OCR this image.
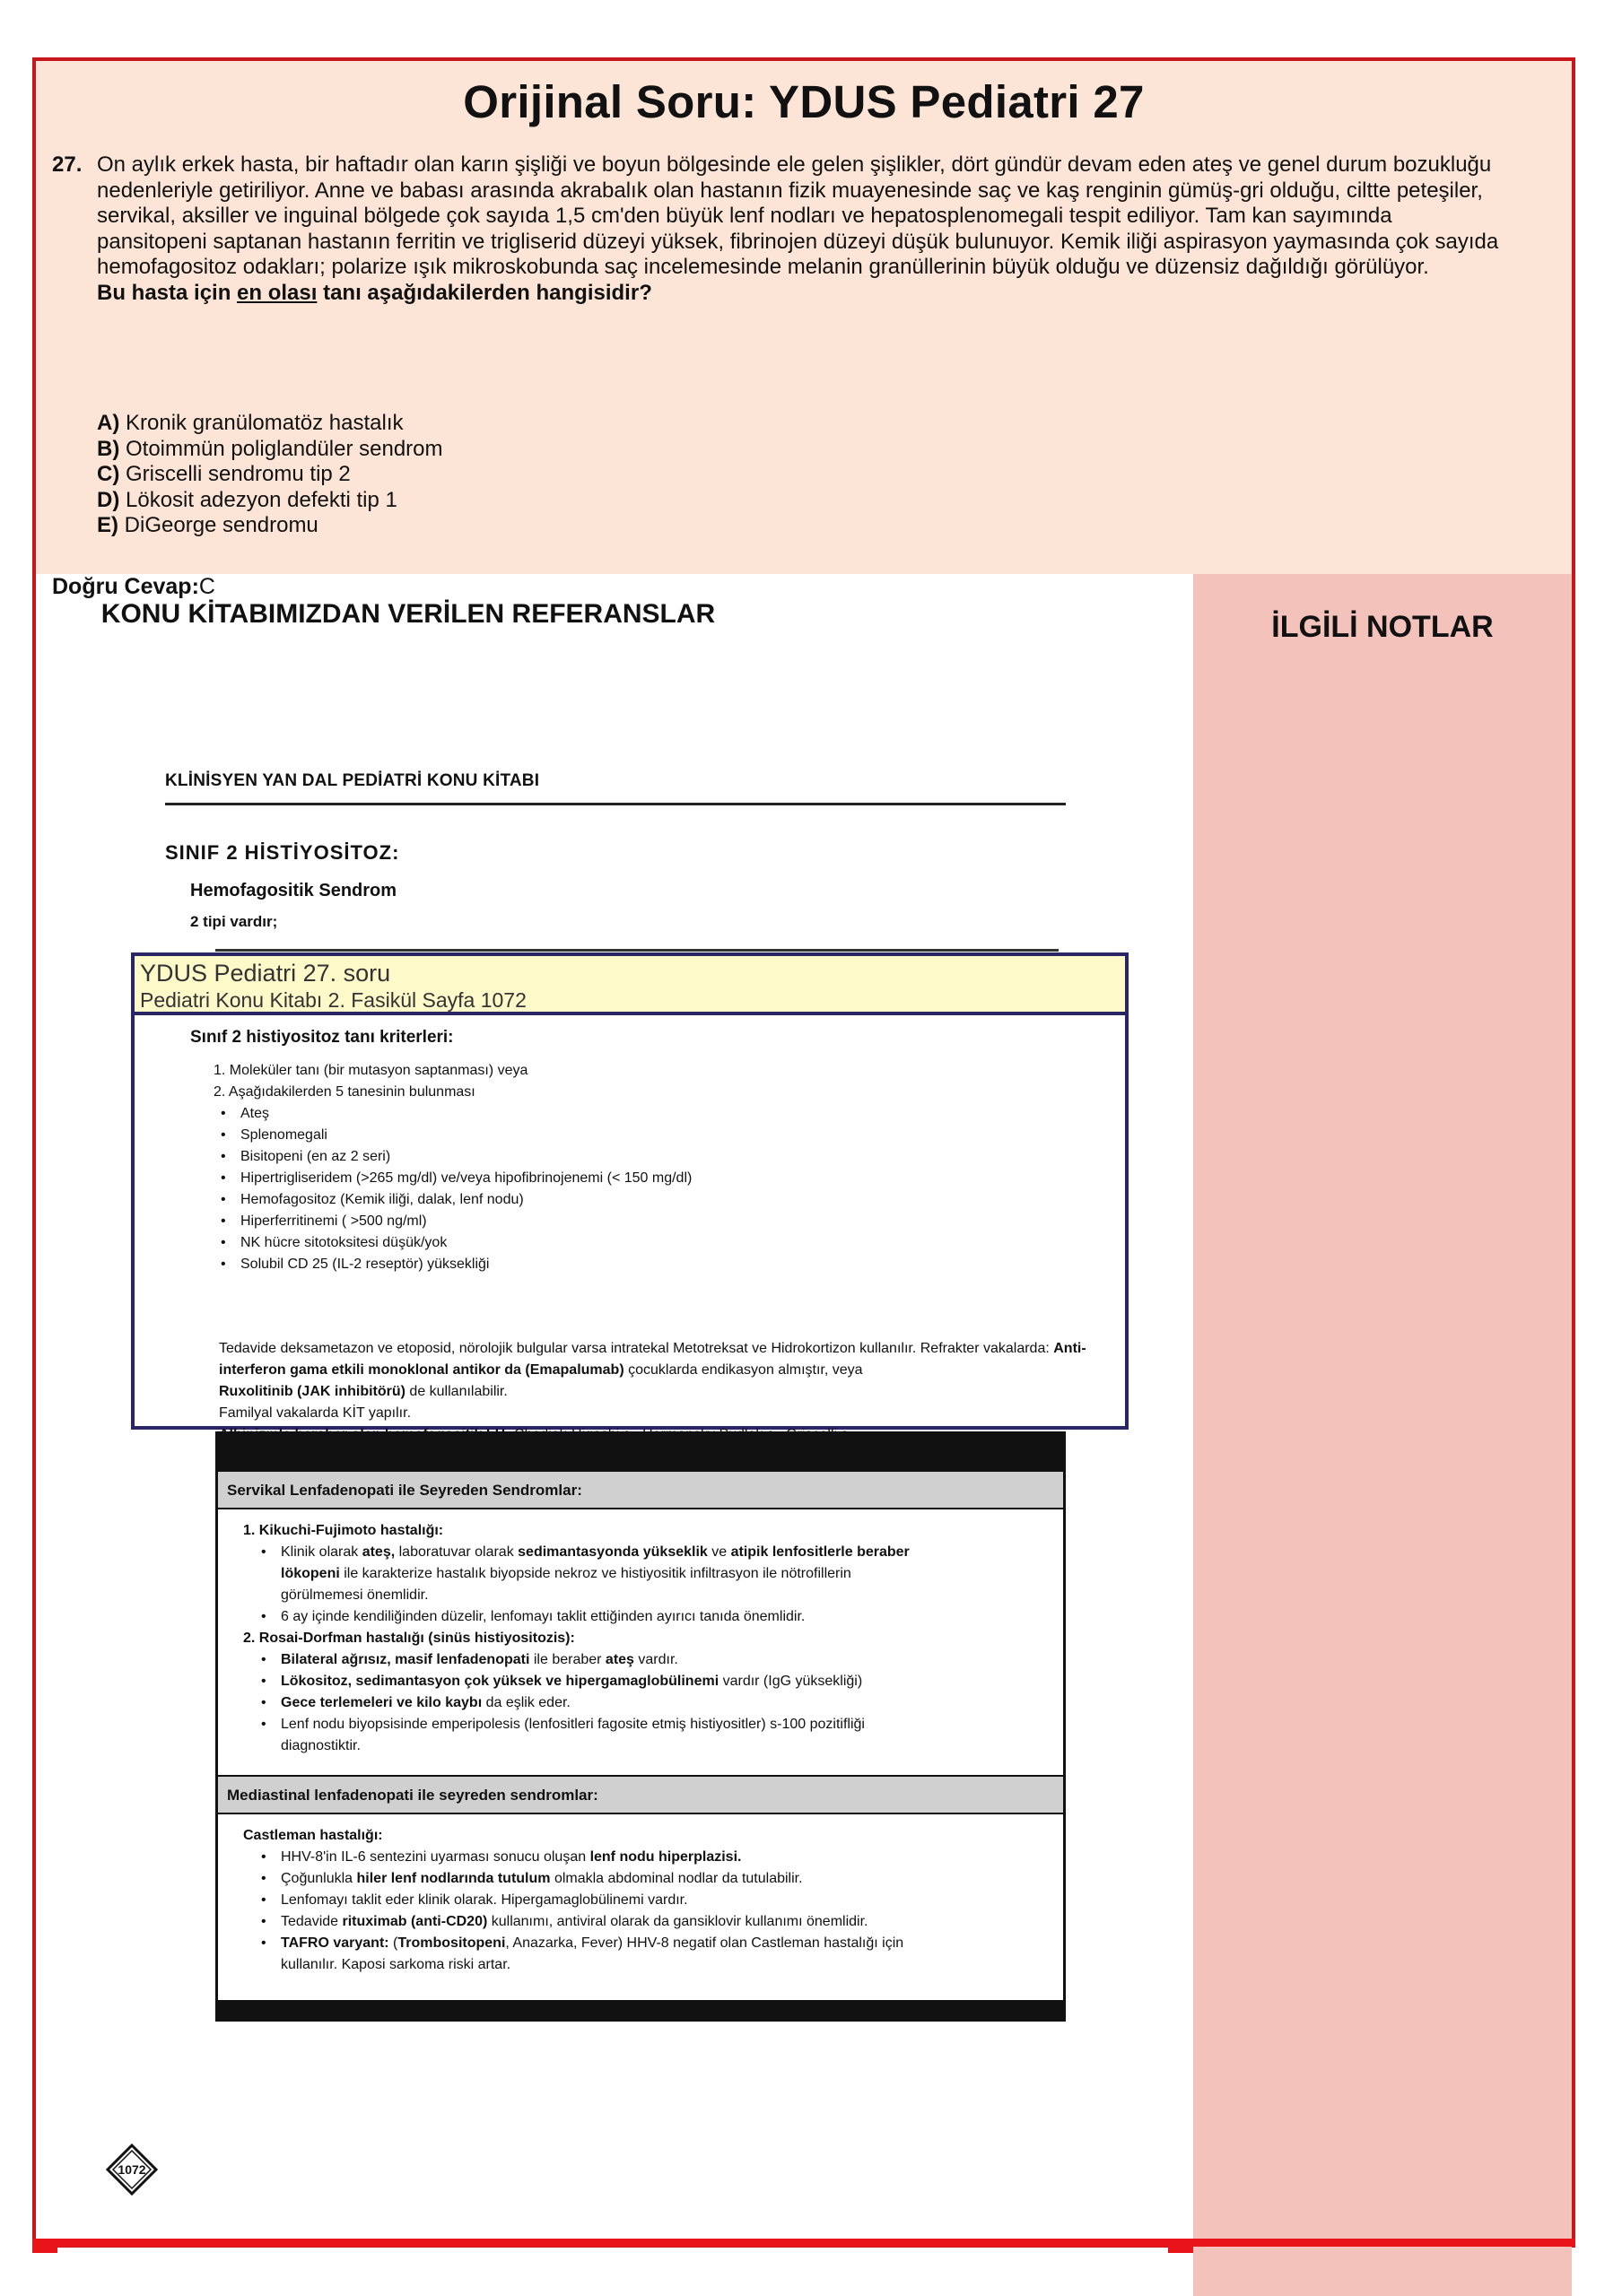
Orijinal Soru: YDUS Pediatri 27
27. On aylık erkek hasta, bir haftadır olan karın şişliği ve boyun bölgesinde ele gelen şişlikler, dört gündür devam eden ateş ve genel durum bozukluğu nedenleriyle getiriliyor. Anne ve babası arasında akrabalık olan hastanın fizik muayenesinde saç ve kaş renginin gümüş-gri olduğu, ciltte peteşiler, servikal, aksiller ve inguinal bölgede çok sayıda 1,5 cm'den büyük lenf nodları ve hepatosplenomegali tespit ediliyor. Tam kan sayımında pansitopeni saptanan hastanın ferritin ve trigliserid düzeyi yüksek, fibrinojen düzeyi düşük bulunuyor. Kemik iliği aspirasyon yaymasında çok sayıda hemofagositoz odakları; polarize ışık mikroskobunda saç incelemesinde melanin granüllerinin büyük olduğu ve düzensiz dağıldığı görülüyor.
Bu hasta için en olası tanı aşağıdakilerden hangisidir?
A) Kronik granülomatöz hastalık
B) Otoimmün poliglandüler sendrom
C) Griscelli sendromu tip 2
D) Lökosit adezyon defekti tip 1
E) DiGeorge sendromu
Doğru Cevap:C
İLGİLİ NOTLAR
KONU KİTABIMIZDAN VERİLEN REFERANSLAR
KLİNİSYEN YAN DAL PEDİATRİ KONU KİTABI
SINIF 2 HİSTİYOSİTOZ:
Hemofagositik Sendrom
2 tipi vardır;
YDUS Pediatri 27. soru
Pediatri Konu Kitabı 2. Fasikül Sayfa 1072
Sınıf 2 histiyositoz tanı kriterleri:
1. Moleküler tanı (bir mutasyon saptanması) veya
2. Aşağıdakilerden 5 tanesinin bulunması
• Ateş
• Splenomegali
• Bisitopeni (en az 2 seri)
• Hipertrigliseridem (>265 mg/dl) ve/veya hipofibrinojenemi (< 150 mg/dl)
• Hemofagositoz (Kemik iliği, dalak, lenf nodu)
• Hiperferritinemi ( >500 ng/ml)
• NK hücre sitotoksitesi düşük/yok
• Solubil CD 25 (IL-2 reseptör) yüksekliği
Tedavide deksametazon ve etoposid, nörolojik bulgular varsa intratekal Metotreksat ve Hidrokortizon kullanılır. Refrakter vakalarda: Anti-interferon gama etkili monoklonal antikor da (Emapalumab) çocuklarda endikasyon almıştır, veya
Ruxolitinib (JAK inhibitörü) de kullanılabilir.
Familyal vakalarda KİT yapılır.
Servikal Lenfadenopati ile Seyreden Sendromlar:
1. Kikuchi-Fujimoto hastalığı:
• Klinik olarak ateş, laboratuvar olarak sedimantasyonda yükseklik ve atipik lenfositlerle beraber
lökopeni ile karakterize hastalık biyopside nekroz ve histiyositik infiltrasyon ile nötrofillerin
görülmemesi önemlidir.
• 6 ay içinde kendiliğinden düzelir, lenfomayı taklit ettiğinden ayırıcı tanıda önemlidir.
2. Rosai-Dorfman hastalığı (sinüs histiyositozis):
• Bilateral ağrısız, masif lenfadenopati ile beraber ateş vardır.
• Lökositoz, sedimantasyon çok yüksek ve hipergamaglobülinemi vardır (IgG yüksekliği)
• Gece terlemeleri ve kilo kaybı da eşlik eder.
• Lenf nodu biyopsisinde emperipolesis (lenfositleri fagosite etmiş histiyositler) s-100 pozitifliği
diagnostiktir.
Mediastinal lenfadenopati ile seyreden sendromlar:
Castleman hastalığı:
• HHV-8'in IL-6 sentezini uyarması sonucu oluşan lenf nodu hiperplazisi.
• Çoğunlukla hiler lenf nodlarında tutulum olmakla abdominal nodlar da tutulabilir.
• Lenfomayı taklit eder klinik olarak. Hipergamaglobülinemi vardır.
• Tedavide rituximab (anti-CD20) kullanımı, antiviral olarak da gansiklovir kullanımı önemlidir.
• TAFRO varyant: (Trombositopeni, Anazarka, Fever) HHV-8 negatif olan Castleman hastalığı için
kullanılır. Kaposi sarkoma riski artar.
1072
